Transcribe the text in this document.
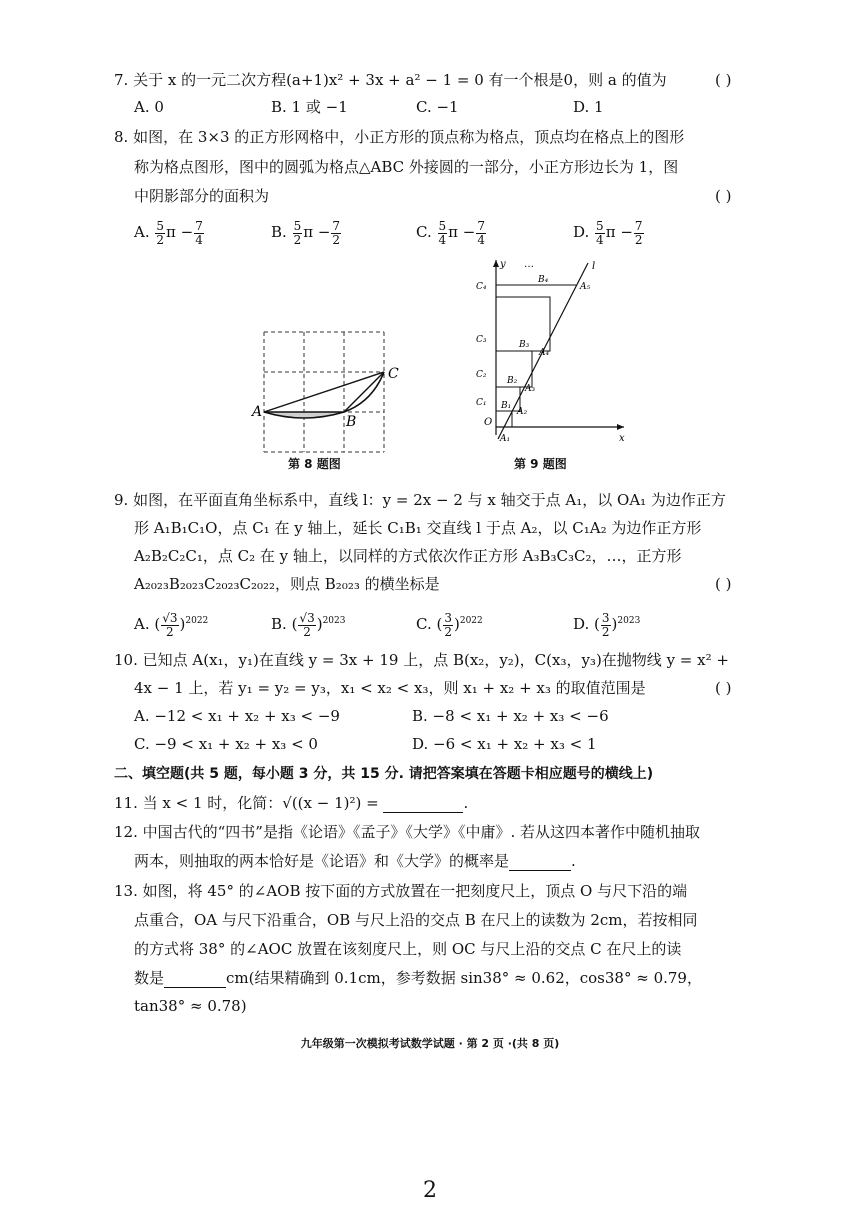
7. 关于 x 的一元二次方程(a+1)x² + 3x + a² − 1 = 0 有一个根是0，则 a 的值为	( )
A. 0	B. 1 或 −1	C. −1	D. 1
8. 如图，在 3×3 的正方形网格中，小正方形的顶点称为格点，顶点均在格点上的图形
称为格点图形，图中的圆弧为格点△ABC 外接圆的一部分，小正方形边长为 1，图
中阴影部分的面积为	( )
A. $\frac{5}{2}$ $\pi - \frac{7}{4}$	B. $\frac{5}{2}$ $\pi - \frac{7}{2}$	C. $\frac{5}{4}$ $\pi - \frac{7}{4}$	D. $\frac{5}{4}$ $\pi - \frac{7}{2}$
A
B
C
第 8 题图
O
A₁
A₂
A₃
A₄
A₅
B₁
B₂
B₃
B₄
C₁
C₂
C₃
C₄
y
x
l
…
第 9 题图
9. 如图，在平面直角坐标系中，直线 l：y = 2x − 2 与 x 轴交于点 A₁，以 OA₁ 为边作正方
形 A₁B₁C₁O，点 C₁ 在 y 轴上，延长 C₁B₁ 交直线 l 于点 A₂，以 C₁A₂ 为边作正方形
A₂B₂C₂C₁，点 C₂ 在 y 轴上，以同样的方式依次作正方形 A₃B₃C₃C₂，…，正方形
A₂₀₂₃B₂₀₂₃C₂₀₂₃C₂₀₂₂，则点 B₂₀₂₃ 的横坐标是	( )
A. ( $\frac{√3}{2} )^{2022}$	B. ( $\frac{√3}{2} )^{2023}$	C. ( $\frac{3}{2} )^{2022}$	D. ( $\frac{3}{2} )^{2023}$
10. 已知点 A(x₁，y₁)在直线 y = 3x + 19 上，点 B(x₂，y₂)，C(x₃，y₃)在抛物线 y = x² +
4x − 1 上，若 y₁ = y₂ = y₃，x₁ < x₂ < x₃，则 x₁ + x₂ + x₃ 的取值范围是	( )
A. −12 < x₁ + x₂ + x₃ < −9	B. −8 < x₁ + x₂ + x₃ < −6
C. −9 < x₁ + x₂ + x₃ < 0	D. −6 < x₁ + x₂ + x₃ < 1
二、填空题(共 5 题，每小题 3 分，共 15 分. 请把答案填在答题卡相应题号的横线上)
11. 当 x < 1 时，化简：√((x − 1)²) =	.
12. 中国古代的“四书”是指《论语》《孟子》《大学》《中庸》. 若从这四本著作中随机抽取
两本，则抽取的两本恰好是《论语》和《大学》的概率是	.
13. 如图，将 45° 的∠AOB 按下面的方式放置在一把刻度尺上，顶点 O 与尺下沿的端
点重合，OA 与尺下沿重合，OB 与尺上沿的交点 B 在尺上的读数为 2cm，若按相同
的方式将 38° 的∠AOC 放置在该刻度尺上，则 OC 与尺上沿的交点 C 在尺上的读
数是	cm(结果精确到 0.1cm，参考数据 sin38° ≈ 0.62，cos38° ≈ 0.79，
tan38° ≈ 0.78)
九年级第一次模拟考试数学试题 · 第 2 页 ·(共 8 页)
2
